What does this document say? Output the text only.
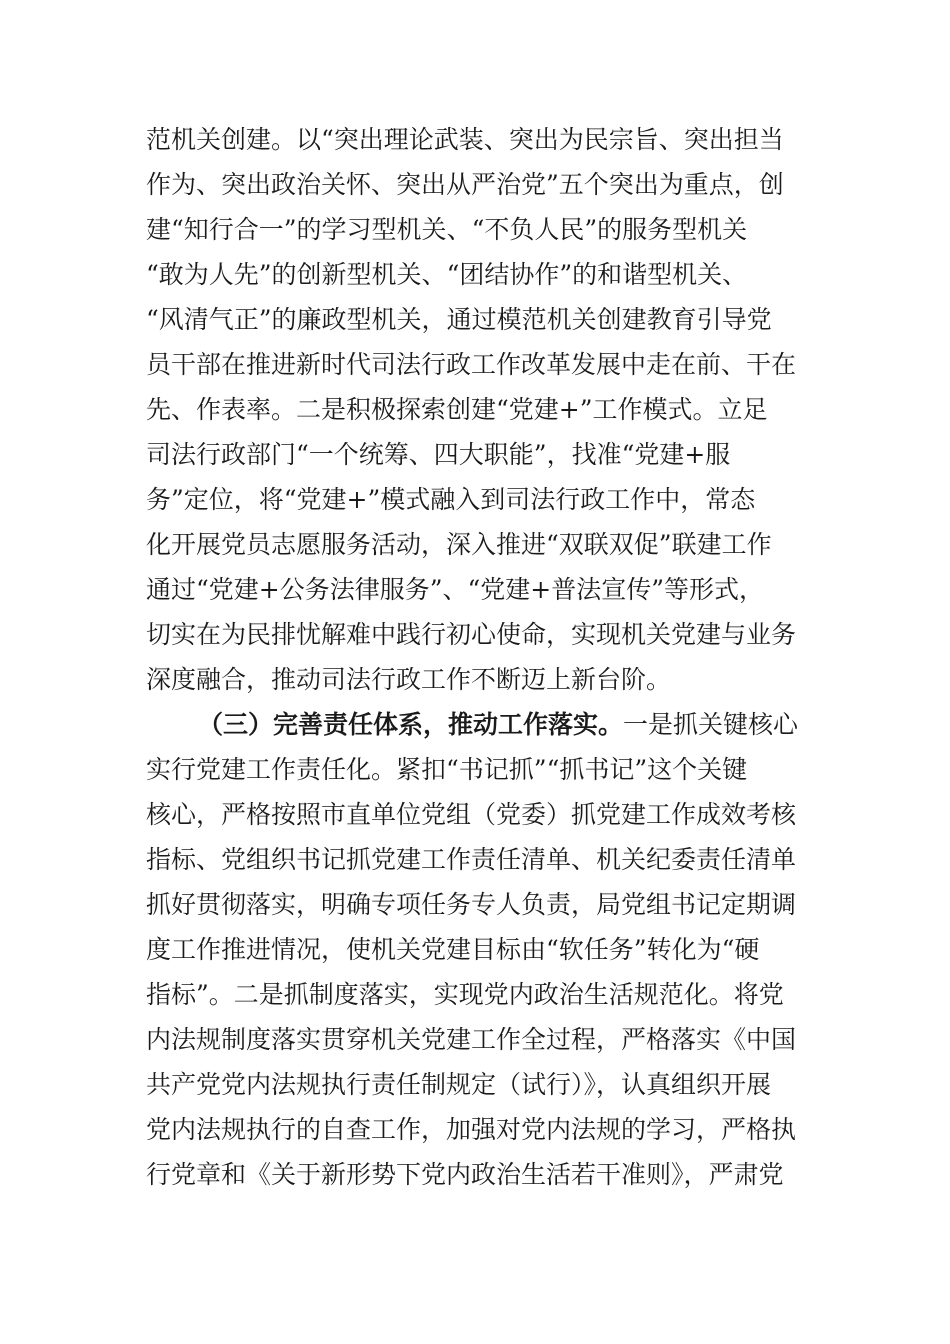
范机关创建。以“突出理论武装、突出为民宗旨、突出担当
作为、突出政治关怀、突出从严治党”五个突出为重点，创
建“知行合一”的学习型机关、“不负人民”的服务型机关
“敢为人先”的创新型机关、“团结协作”的和谐型机关、
“风清气正”的廉政型机关，通过模范机关创建教育引导党
员干部在推进新时代司法行政工作改革发展中走在前、干在
先、作表率。二是积极探索创建“党建+”工作模式。立足
司法行政部门“一个统筹、四大职能”，找准“党建+服
务”定位，将“党建+”模式融入到司法行政工作中，常态
化开展党员志愿服务活动，深入推进“双联双促”联建工作
通过“党建+公务法律服务”、“党建+普法宣传”等形式，
切实在为民排忧解难中践行初心使命，实现机关党建与业务
深度融合，推动司法行政工作不断迈上新台阶。
（三）完善责任体系，推动工作落实。一是抓关键核心
实行党建工作责任化。紧扣“书记抓”“抓书记”这个关键
核心，严格按照市直单位党组（党委）抓党建工作成效考核
指标、党组织书记抓党建工作责任清单、机关纪委责任清单
抓好贯彻落实，明确专项任务专人负责，局党组书记定期调
度工作推进情况，使机关党建目标由“软任务”转化为“硬
指标”。二是抓制度落实，实现党内政治生活规范化。将党
内法规制度落实贯穿机关党建工作全过程，严格落实《中国
共产党党内法规执行责任制规定（试行）》，认真组织开展
党内法规执行的自查工作，加强对党内法规的学习，严格执
行党章和《关于新形势下党内政治生活若干准则》，严肃党
